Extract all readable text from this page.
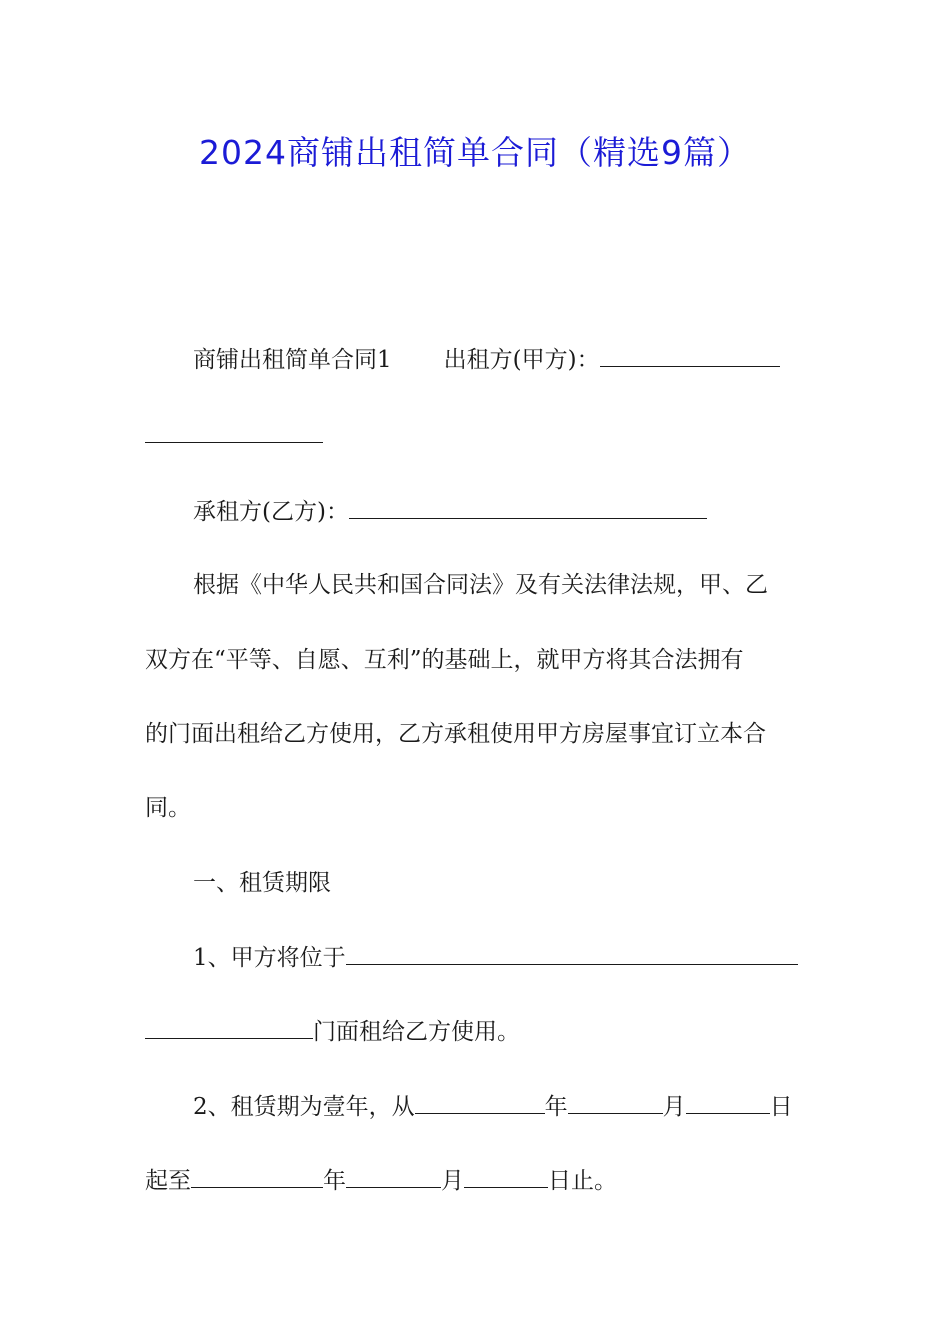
2024商铺出租简单合同（精选9篇）
商铺出租简单合同1 出租方(甲方)：
承租方(乙方)：
根据《中华人民共和国合同法》及有关法律法规，甲、乙
双方在“平等、自愿、互利”的基础上，就甲方将其合法拥有
的门面出租给乙方使用，乙方承租使用甲方房屋事宜订立本合
同。
一、租赁期限
1、甲方将位于
门面租给乙方使用。
2、租赁期为壹年，从	年	月	日
起至	年	月	日止。
